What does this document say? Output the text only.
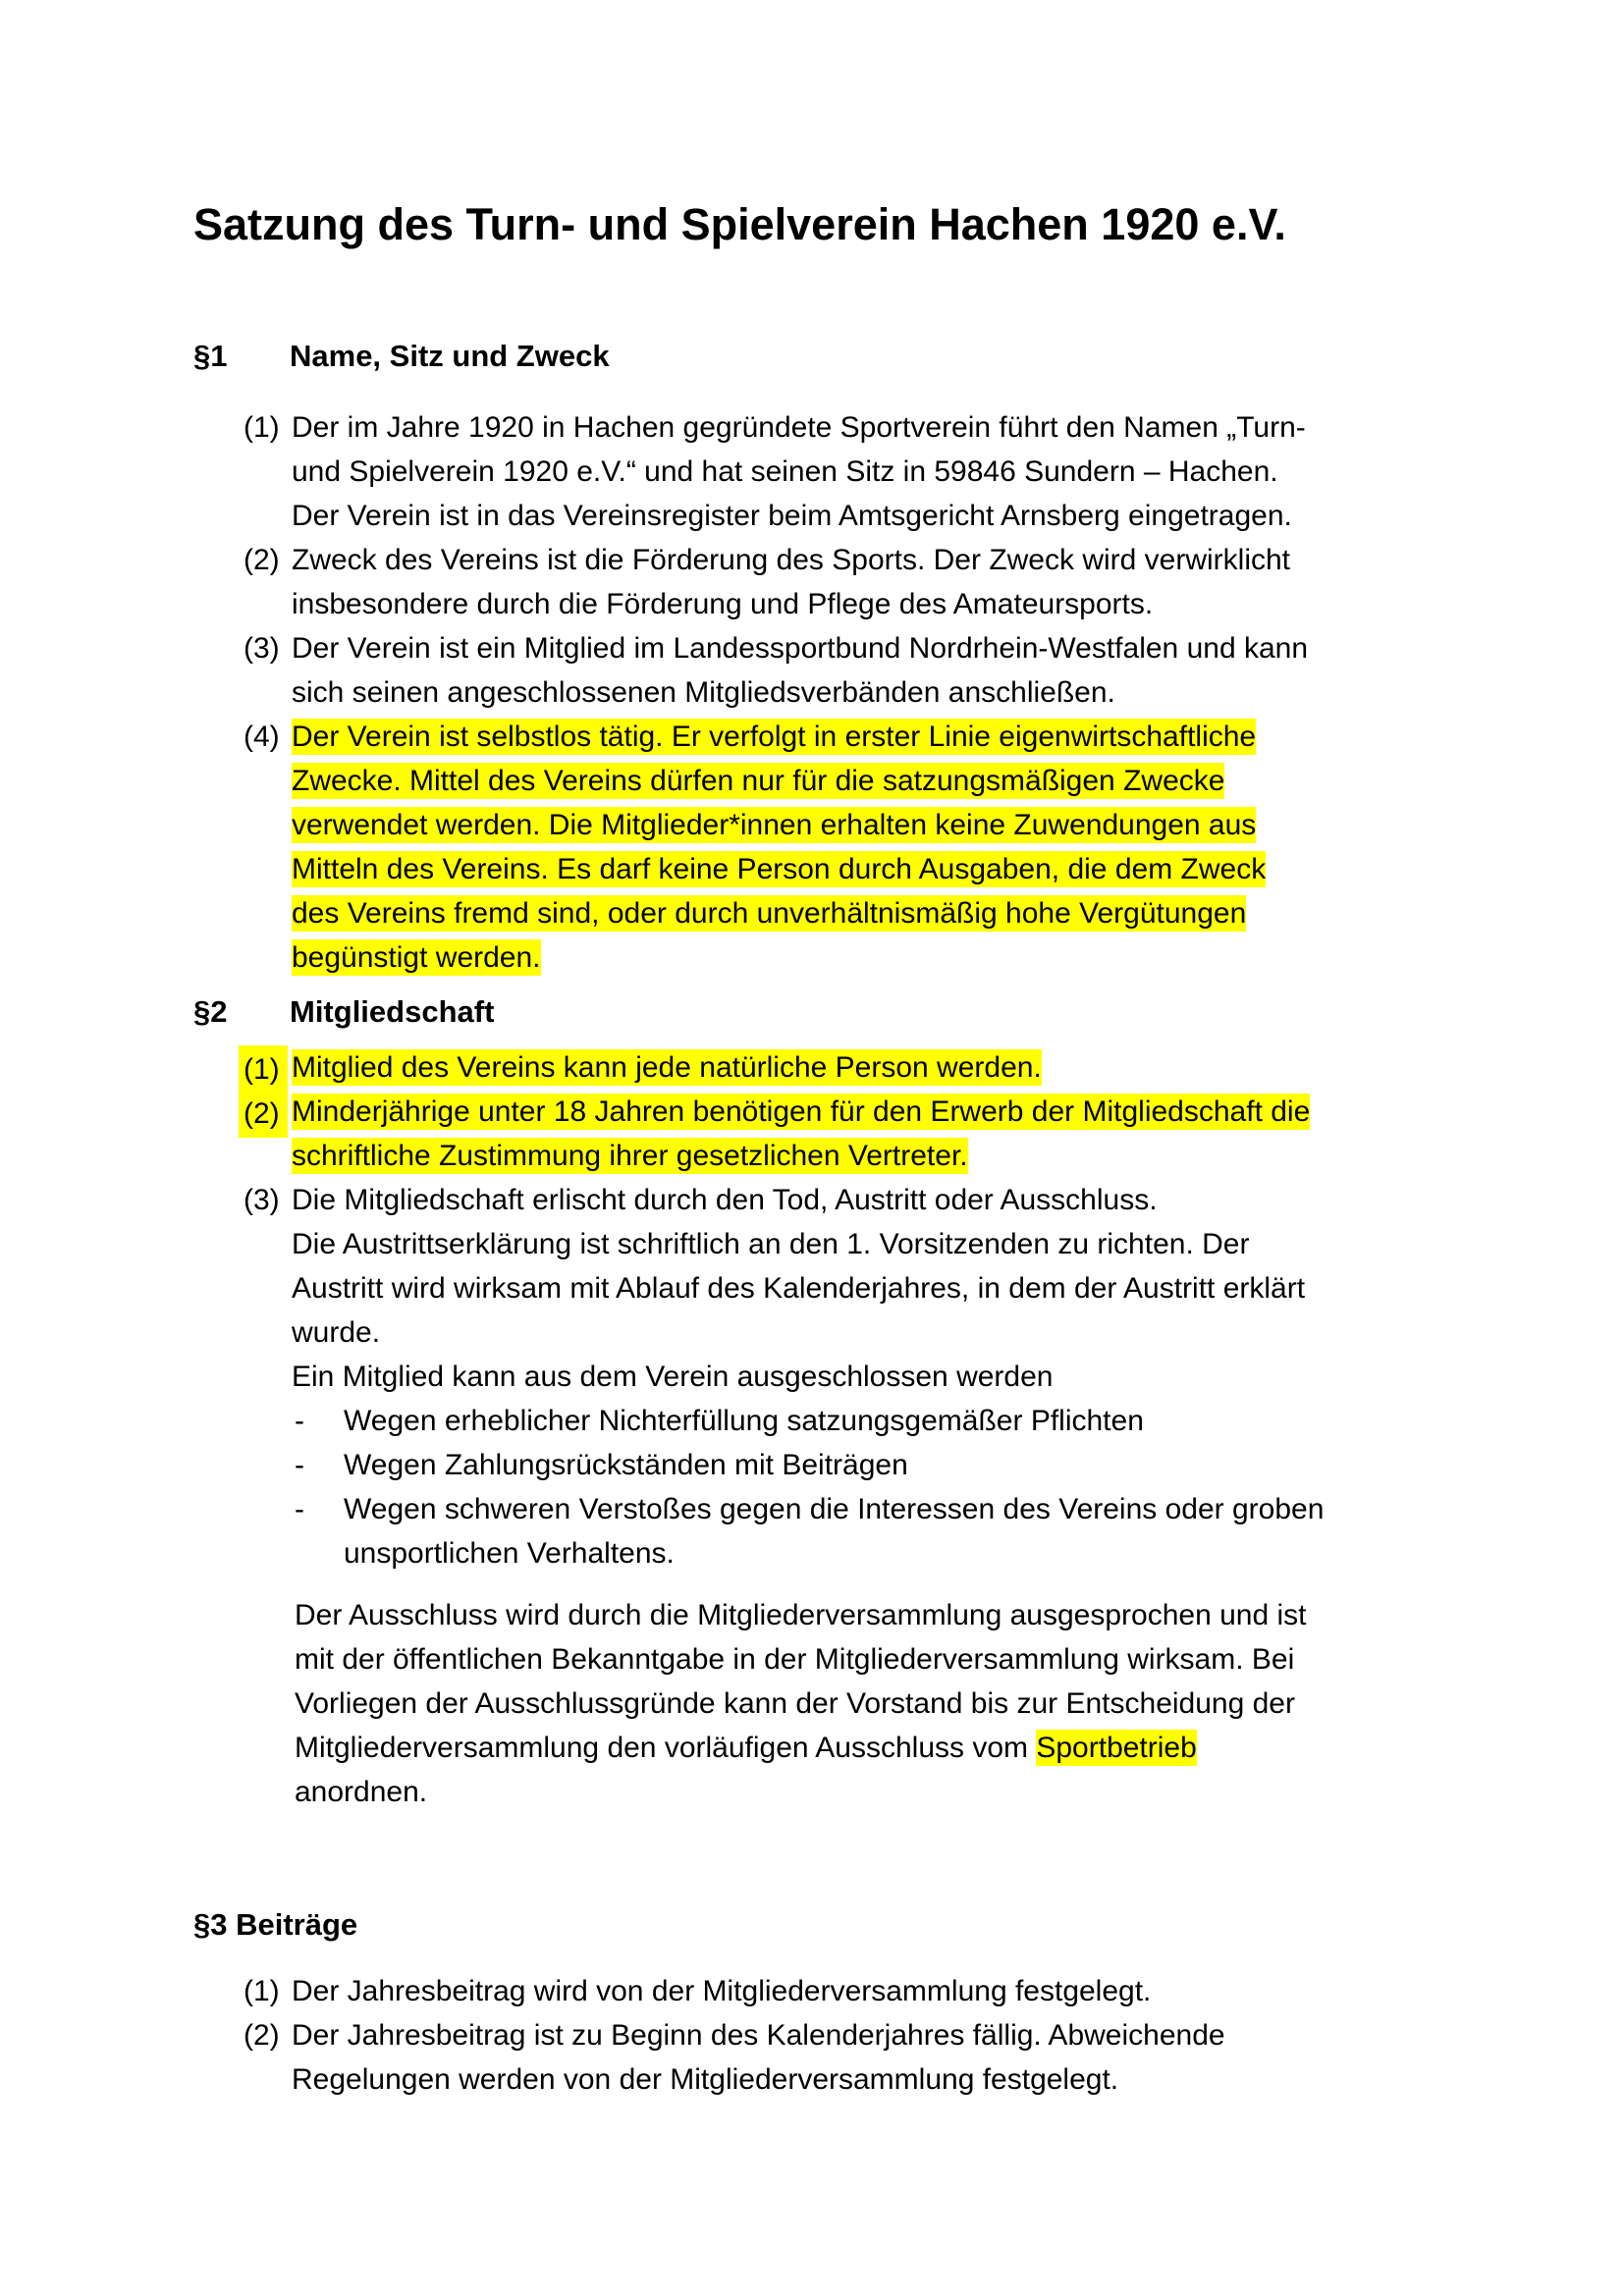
Satzung des Turn- und Spielverein Hachen 1920 e.V.
§1 Name, Sitz und Zweck
(1) Der im Jahre 1920 in Hachen gegründete Sportverein führt den Namen „Turn-
und Spielverein 1920 e.V.“ und hat seinen Sitz in 59846 Sundern – Hachen.
Der Verein ist in das Vereinsregister beim Amtsgericht Arnsberg eingetragen.
(2) Zweck des Vereins ist die Förderung des Sports. Der Zweck wird verwirklicht
insbesondere durch die Förderung und Pflege des Amateursports.
(3) Der Verein ist ein Mitglied im Landessportbund Nordrhein-Westfalen und kann
sich seinen angeschlossenen Mitgliedsverbänden anschließen.
(4) Der Verein ist selbstlos tätig. Er verfolgt in erster Linie eigenwirtschaftliche
Zwecke. Mittel des Vereins dürfen nur für die satzungsmäßigen Zwecke
verwendet werden. Die Mitglieder*innen erhalten keine Zuwendungen aus
Mitteln des Vereins. Es darf keine Person durch Ausgaben, die dem Zweck
des Vereins fremd sind, oder durch unverhältnismäßig hohe Vergütungen
begünstigt werden.
§2 Mitgliedschaft
(1) Mitglied des Vereins kann jede natürliche Person werden.
(2) Minderjährige unter 18 Jahren benötigen für den Erwerb der Mitgliedschaft die
schriftliche Zustimmung ihrer gesetzlichen Vertreter.
(3) Die Mitgliedschaft erlischt durch den Tod, Austritt oder Ausschluss.
Die Austrittserklärung ist schriftlich an den 1. Vorsitzenden zu richten. Der
Austritt wird wirksam mit Ablauf des Kalenderjahres, in dem der Austritt erklärt
wurde.
Ein Mitglied kann aus dem Verein ausgeschlossen werden
- Wegen erheblicher Nichterfüllung satzungsgemäßer Pflichten
- Wegen Zahlungsrückständen mit Beiträgen
- Wegen schweren Verstoßes gegen die Interessen des Vereins oder groben
unsportlichen Verhaltens.
Der Ausschluss wird durch die Mitgliederversammlung ausgesprochen und ist
mit der öffentlichen Bekanntgabe in der Mitgliederversammlung wirksam. Bei
Vorliegen der Ausschlussgründe kann der Vorstand bis zur Entscheidung der
Mitgliederversammlung den vorläufigen Ausschluss vom Sportbetrieb
anordnen.
§3 Beiträge
(1) Der Jahresbeitrag wird von der Mitgliederversammlung festgelegt.
(2) Der Jahresbeitrag ist zu Beginn des Kalenderjahres fällig. Abweichende
Regelungen werden von der Mitgliederversammlung festgelegt.
